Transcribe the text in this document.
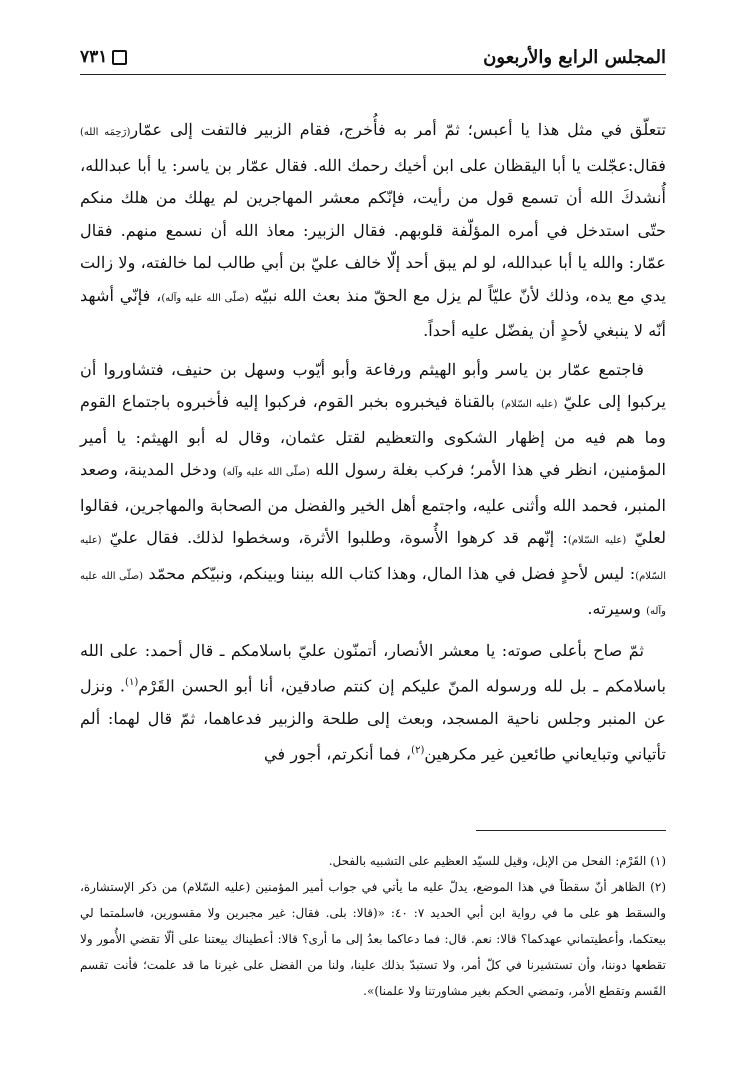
المجلس الرابع والأربعون
٧٣١

تتعلّق في مثل هذا يا أعبس؛ ثمّ أمر به فأُخرج، فقام الزبير فالتفت إلى عمّار(رَحِمَه الله) فقال:عجّلت يا أبا اليقظان على ابن أخيك رحمك الله. فقال عمّار بن ياسر: يا أبا عبدالله، أُنشدكَ الله أن تسمع قول من رأيت، فإنّكم معشر المهاجرين لم يهلك من هلك منكم حتّى استدخل في أمره المؤلّفة قلوبهم. فقال الزبير: معاذ الله أن نسمع منهم. فقال عمّار: والله يا أبا عبدالله، لو لم يبق أحد إلّا خالف عليّ بن أبي طالب لما خالفته، ولا زالت يدي مع يده، وذلك لأنّ عليّاً لم يزل مع الحقّ منذ بعث الله نبيّه (صلّى الله عليه وآله)، فإنّي أشهد أنّه لا ينبغي لأحدٍ أن يفضّل عليه أحداً.

فاجتمع عمّار بن ياسر وأبو الهيثم ورفاعة وأبو أيّوب وسهل بن حنيف، فتشاوروا أن يركبوا إلى عليّ (عليه السّلام) بالقناة فيخبروه بخبر القوم، فركبوا إليه فأخبروه باجتماع القوم وما هم فيه من إظهار الشكوى والتعظيم لقتل عثمان، وقال له أبو الهيثم: يا أمير المؤمنين، انظر في هذا الأمر؛ فركب بغلة رسول الله (صلّى الله عليه وآله) ودخل المدينة، وصعد المنبر، فحمد الله وأثنى عليه، واجتمع أهل الخير والفضل من الصحابة والمهاجرين، فقالوا لعليّ (عليه السّلام): إنّهم قد كرهوا الأُسوة، وطلبوا الأثرة، وسخطوا لذلك. فقال عليّ (عليه السّلام): ليس لأحدٍ فضل في هذا المال، وهذا كتاب الله بيننا وبينكم، ونبيّكم محمّد (صلّى الله عليه وآله) وسيرته.

ثمّ صاح بأعلى صوته: يا معشر الأنصار، أتمنّون عليّ باسلامكم ـ قال أحمد: على الله باسلامكم ـ بل لله ورسوله المنّ عليكم إن كنتم صادقين، أنا أبو الحسن القَرْم$^{(١)}$. ونزل عن المنبر وجلس ناحية المسجد، وبعث إلى طلحة والزبير فدعاهما، ثمّ قال لهما: ألم تأتياني وتبايعاني طائعين غير مكرهين$^{(٢)}$، فما أنكرتم، أجور في

(١) القَرْم: الفحل من الإبل، وقيل للسيّد العظيم على التشبيه بالفحل.

(٢) الظاهر أنّ سقطاً في هذا الموضع، يدلّ عليه ما يأتي في جواب أمير المؤمنين (عليه السّلام) من ذكر الإستشارة، والسقط هو على ما في رواية ابن أبي الحديد ٧: ٤٠: «(قالا: بلى. فقال: غير مجبرين ولا مقسورين، فاسلمتما لي بيعتكما، وأعطيتماني عهدكما؟ قالا: نعم. قال: فما دعاكما بعدُ إلى ما أرى؟ قالا: أعطيناك بيعتنا على ألّا تقضي الأُمور ولا تقطعها دوننا، وأن تستشيرنا في كلّ أمر، ولا تستبدّ بذلك علينا، ولنا من الفضل على غيرنا ما قد علمت؛ فأنت تقسم القَسم وتقطع الأمر، وتمضي الحكم بغير مشاورتنا ولا علمنا)».
